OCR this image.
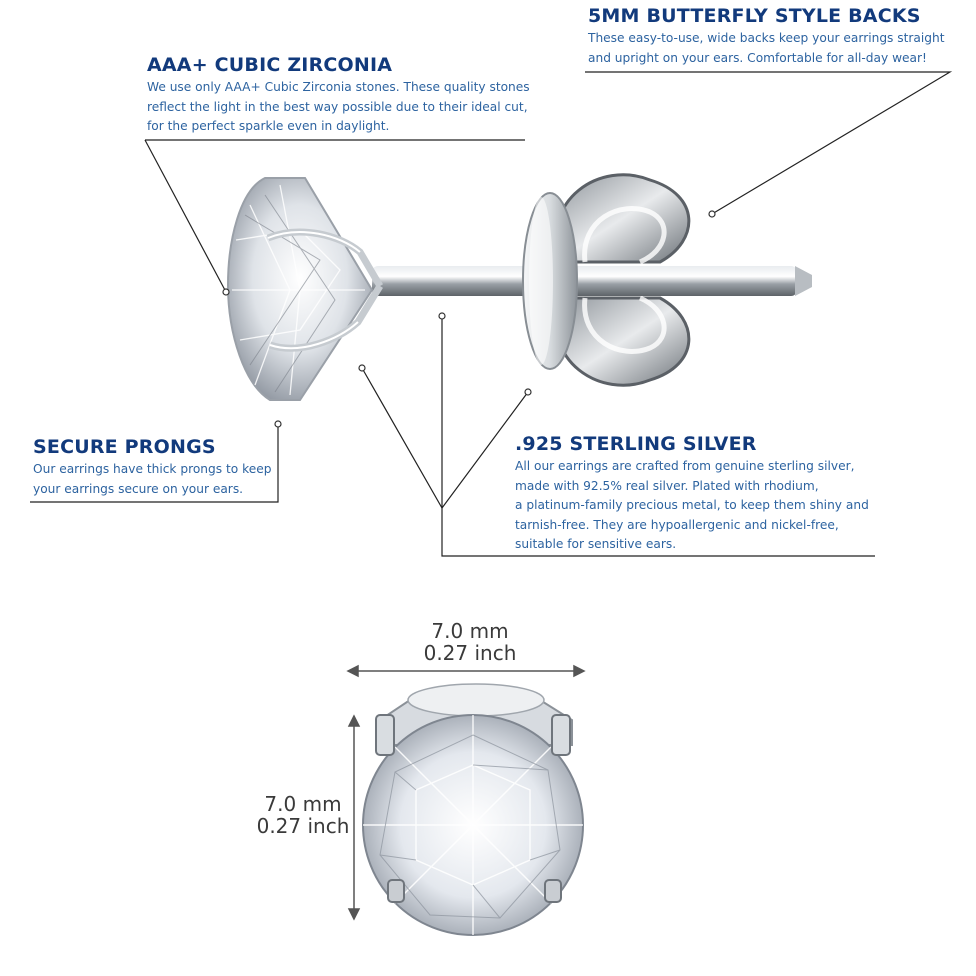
AAA+ CUBIC ZIRCONIA

We use only AAA+ Cubic Zirconia stones. These quality stones
reflect the light in the best way possible due to their ideal cut,
for the perfect sparkle even in daylight.

5MM BUTTERFLY STYLE BACKS

These easy-to-use, wide backs keep your earrings straight
and upright on your ears. Comfortable for all-day wear!

SECURE PRONGS

Our earrings have thick prongs to keep
your earrings secure on your ears.

.925 STERLING SILVER

All our earrings are crafted from genuine sterling silver,
made with 92.5% real silver. Plated with rhodium,
a platinum-family precious metal, to keep them shiny and
tarnish-free. They are hypoallergenic and nickel-free,
suitable for sensitive ears.

7.0 mm
0.27 inch
7.0 mm
0.27 inch
